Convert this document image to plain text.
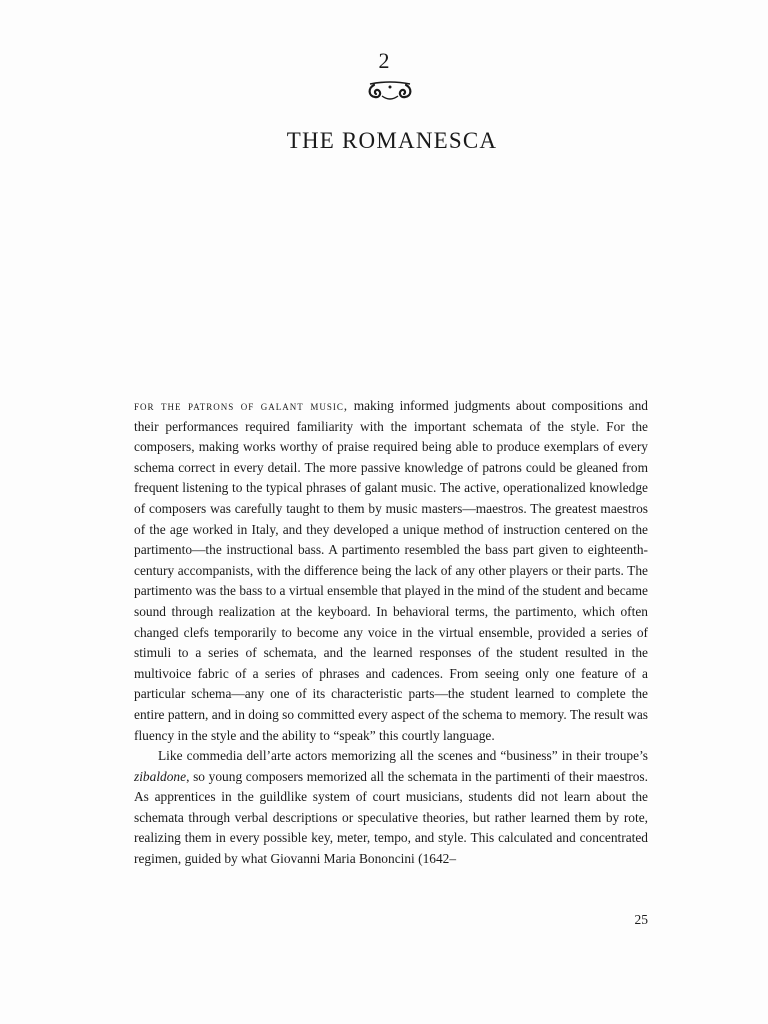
2
THE ROMANESCA

for the patrons of galant music, making informed judgments about compositions and their performances required familiarity with the important schemata of the style. For the composers, making works worthy of praise required being able to produce exemplars of every schema correct in every detail. The more passive knowledge of patrons could be gleaned from frequent listening to the typical phrases of galant music. The active, operationalized knowledge of composers was carefully taught to them by music masters—maestros. The greatest maestros of the age worked in Italy, and they developed a unique method of instruction centered on the partimento—the instructional bass. A partimento resembled the bass part given to eighteenth-century accompanists, with the difference being the lack of any other players or their parts. The partimento was the bass to a virtual ensemble that played in the mind of the student and became sound through realization at the keyboard. In behavioral terms, the partimento, which often changed clefs temporarily to become any voice in the virtual ensemble, provided a series of stimuli to a series of schemata, and the learned responses of the student resulted in the multivoice fabric of a series of phrases and cadences. From seeing only one feature of a particular schema—any one of its characteristic parts—the student learned to complete the entire pattern, and in doing so committed every aspect of the schema to memory. The result was fluency in the style and the ability to “speak” this courtly language.

Like commedia dell’arte actors memorizing all the scenes and “business” in their troupe’s zibaldone, so young composers memorized all the schemata in the partimenti of their maestros. As apprentices in the guildlike system of court musicians, students did not learn about the schemata through verbal descriptions or speculative theories, but rather learned them by rote, realizing them in every possible key, meter, tempo, and style. This calculated and concentrated regimen, guided by what Giovanni Maria Bononcini (1642–

25
